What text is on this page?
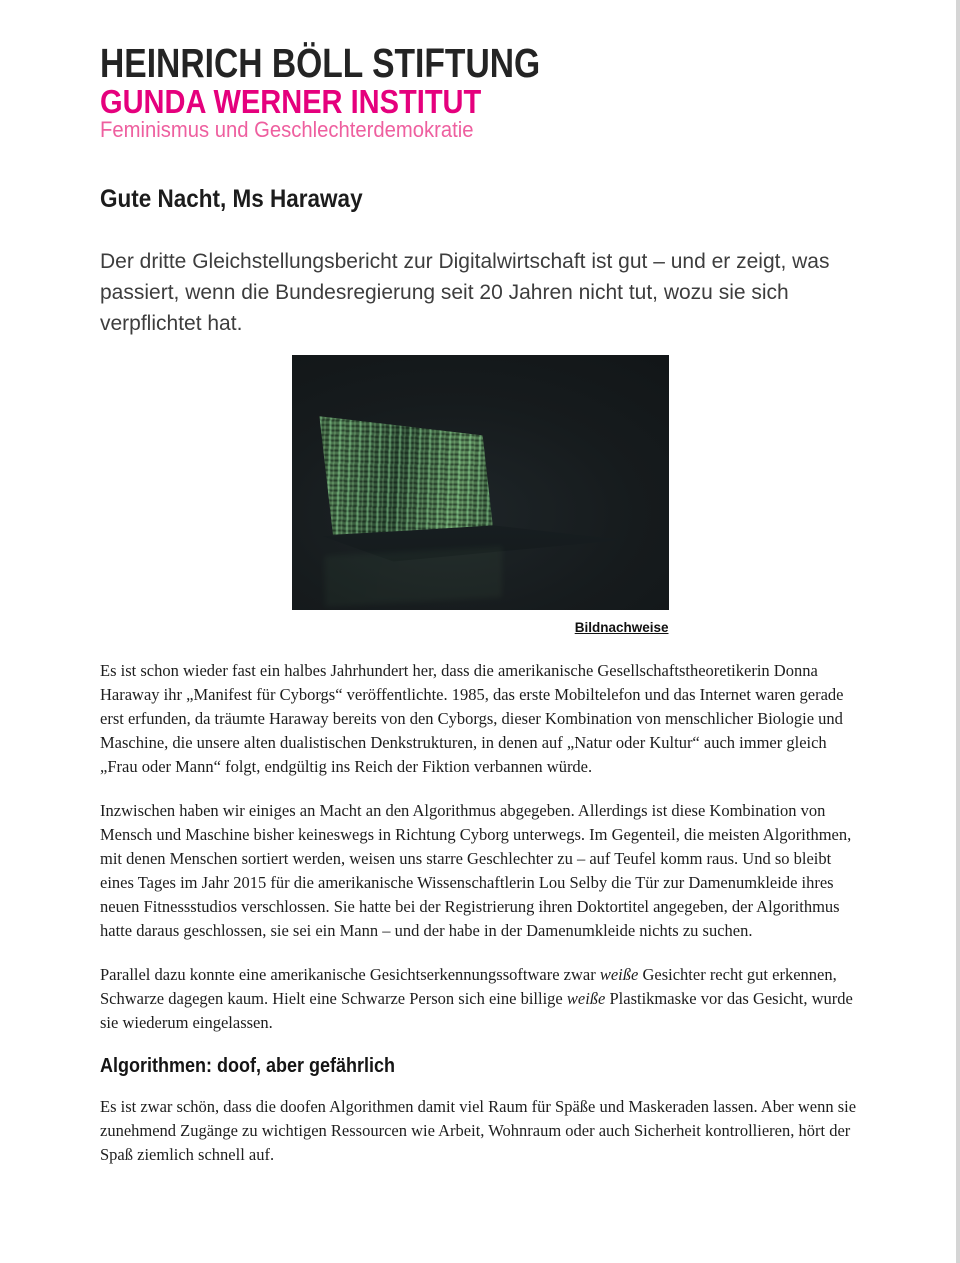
HEINRICH BÖLL STIFTUNG
GUNDA WERNER INSTITUT
Feminismus und Geschlechterdemokratie
Gute Nacht, Ms Haraway

Der dritte Gleichstellungsbericht zur Digitalwirtschaft ist gut – und er zeigt, was passiert, wenn die Bundesregierung seit 20 Jahren nicht tut, wozu sie sich verpflichtet hat.

Bildnachweise

Es ist schon wieder fast ein halbes Jahrhundert her, dass die amerikanische Gesellschaftstheoretikerin Donna Haraway ihr „Manifest für Cyborgs“ veröffentlichte. 1985, das erste Mobiltelefon und das Internet waren gerade erst erfunden, da träumte Haraway bereits von den Cyborgs, dieser Kombination von menschlicher Biologie und Maschine, die unsere alten dualistischen Denkstrukturen, in denen auf „Natur oder Kultur“ auch immer gleich „Frau oder Mann“ folgt, endgültig ins Reich der Fiktion verbannen würde.

Inzwischen haben wir einiges an Macht an den Algorithmus abgegeben. Allerdings ist diese Kombination von Mensch und Maschine bisher keineswegs in Richtung Cyborg unterwegs. Im Gegenteil, die meisten Algorithmen, mit denen Menschen sortiert werden, weisen uns starre Geschlechter zu – auf Teufel komm raus. Und so bleibt eines Tages im Jahr 2015 für die amerikanische Wissenschaftlerin Lou Selby die Tür zur Damenumkleide ihres neuen Fitnessstudios verschlossen. Sie hatte bei der Registrierung ihren Doktortitel angegeben, der Algorithmus hatte daraus geschlossen, sie sei ein Mann – und der habe in der Damenumkleide nichts zu suchen.

Parallel dazu konnte eine amerikanische Gesichtserkennungssoftware zwar weiße Gesichter recht gut erkennen, Schwarze dagegen kaum. Hielt eine Schwarze Person sich eine billige weiße Plastikmaske vor das Gesicht, wurde sie wiederum eingelassen.

Algorithmen: doof, aber gefährlich

Es ist zwar schön, dass die doofen Algorithmen damit viel Raum für Späße und Maskeraden lassen. Aber wenn sie zunehmend Zugänge zu wichtigen Ressourcen wie Arbeit, Wohnraum oder auch Sicherheit kontrollieren, hört der Spaß ziemlich schnell auf.
